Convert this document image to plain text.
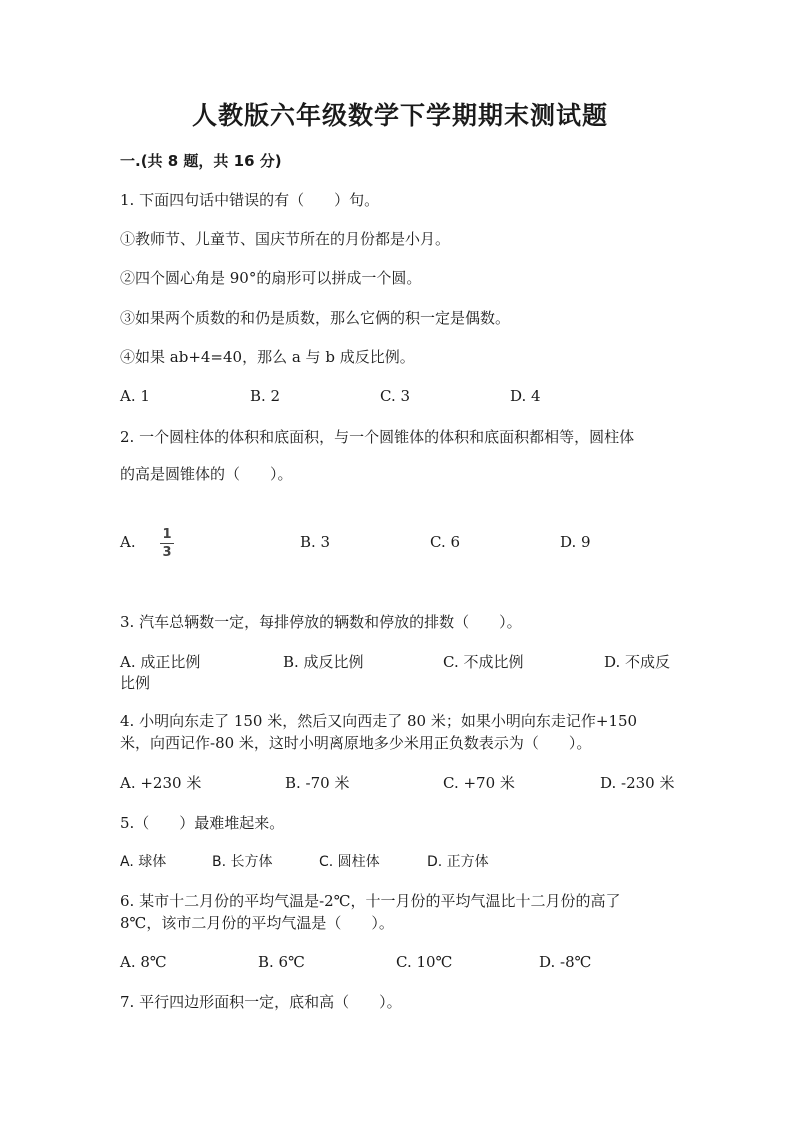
人教版六年级数学下学期期末测试题
一.(共 8 题，共 16 分)
1. 下面四句话中错误的有（　　）句。
①教师节、儿童节、国庆节所在的月份都是小月。
②四个圆心角是 90°的扇形可以拼成一个圆。
③如果两个质数的和仍是质数，那么它俩的积一定是偶数。
④如果 ab+4=40，那么 a 与 b 成反比例。
A. 1	B. 2	C. 3	D. 4
2. 一个圆柱体的体积和底面积，与一个圆锥体的体积和底面积都相等，圆柱体
的高是圆锥体的（　　）。
A. 1
3
B. 3	C. 6	D. 9
3. 汽车总辆数一定，每排停放的辆数和停放的排数（　　）。
A. 成正比例	B. 成反比例	C. 不成比例	D. 不成反
比例
4. 小明向东走了 150 米，然后又向西走了 80 米；如果小明向东走记作+150
米，向西记作-80 米，这时小明离原地多少米用正负数表示为（　　）。
A. +230 米	B. -70 米	C. +70 米	D. -230 米
5.（　　）最难堆起来。
A. 球体	B. 长方体	C. 圆柱体	D. 正方体
6. 某市十二月份的平均气温是-2℃，十一月份的平均气温比十二月份的高了
8℃，该市二月份的平均气温是（　　）。
A. 8℃	B. 6℃	C. 10℃	D. -8℃
7. 平行四边形面积一定，底和高（　　）。
